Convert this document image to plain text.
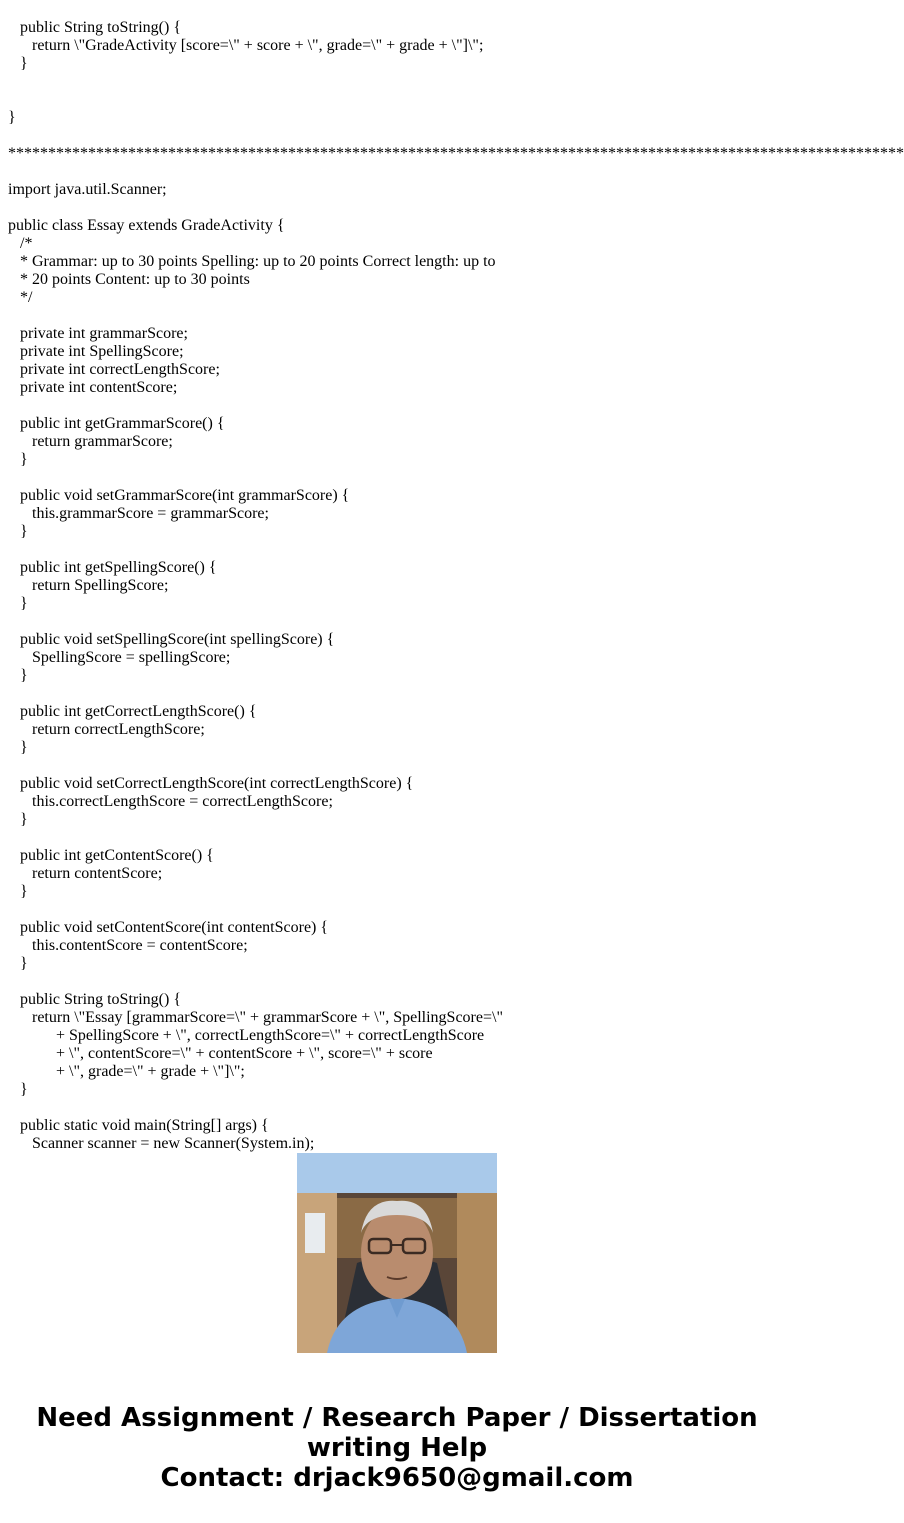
public String toString() {
return \"GradeActivity [score=\" + score + \", grade=\" + grade + \"]\";
}
}
****************************************************************************************************************
import java.util.Scanner;
public class Essay extends GradeActivity {
/*
* Grammar: up to 30 points Spelling: up to 20 points Correct length: up to
* 20 points Content: up to 30 points
*/
private int grammarScore;
private int SpellingScore;
private int correctLengthScore;
private int contentScore;
public int getGrammarScore() {
return grammarScore;
}
public void setGrammarScore(int grammarScore) {
this.grammarScore = grammarScore;
}
public int getSpellingScore() {
return SpellingScore;
}
public void setSpellingScore(int spellingScore) {
SpellingScore = spellingScore;
}
public int getCorrectLengthScore() {
return correctLengthScore;
}
public void setCorrectLengthScore(int correctLengthScore) {
this.correctLengthScore = correctLengthScore;
}
public int getContentScore() {
return contentScore;
}
public void setContentScore(int contentScore) {
this.contentScore = contentScore;
}
public String toString() {
return \"Essay [grammarScore=\" + grammarScore + \", SpellingScore=\"
+ SpellingScore + \", correctLengthScore=\" + correctLengthScore
+ \", contentScore=\" + contentScore + \", score=\" + score
+ \", grade=\" + grade + \"]\";
}
public static void main(String[] args) {
Scanner scanner = new Scanner(System.in);
Need Assignment / Research Paper / Dissertation
writing Help
Contact: drjack9650@gmail.com
